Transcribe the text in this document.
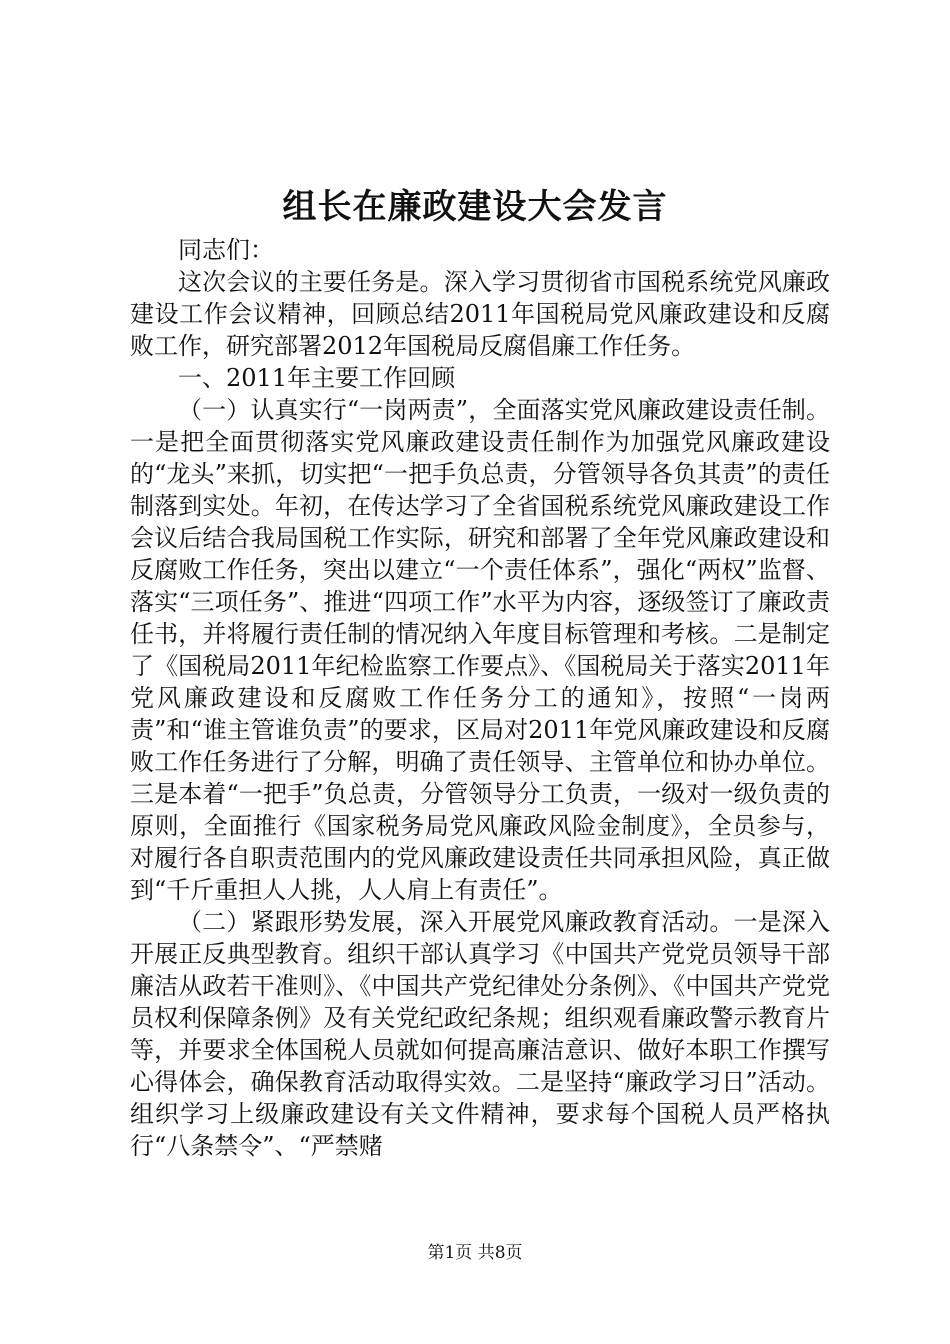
组长在廉政建设大会发言

同志们：

这次会议的主要任务是。深入学习贯彻省市国税系统党风廉政建设工作会议精神，回顾总结2011年国税局党风廉政建设和反腐败工作，研究部署2012年国税局反腐倡廉工作任务。

一、2011年主要工作回顾

（一）认真实行“一岗两责”，全面落实党风廉政建设责任制。一是把全面贯彻落实党风廉政建设责任制作为加强党风廉政建设的“龙头”来抓，切实把“一把手负总责，分管领导各负其责”的责任制落到实处。年初，在传达学习了全省国税系统党风廉政建设工作会议后结合我局国税工作实际，研究和部署了全年党风廉政建设和反腐败工作任务，突出以建立“一个责任体系”，强化“两权”监督、落实“三项任务”、推进“四项工作”水平为内容，逐级签订了廉政责任书，并将履行责任制的情况纳入年度目标管理和考核。二是制定了《国税局2011年纪检监察工作要点》、《国税局关于落实2011年党风廉政建设和反腐败工作任务分工的通知》，按照“一岗两责”和“谁主管谁负责”的要求，区局对2011年党风廉政建设和反腐败工作任务进行了分解，明确了责任领导、主管单位和协办单位。三是本着“一把手”负总责，分管领导分工负责，一级对一级负责的原则，全面推行《国家税务局党风廉政风险金制度》，全员参与，对履行各自职责范围内的党风廉政建设责任共同承担风险，真正做到“千斤重担人人挑，人人肩上有责任”。

（二）紧跟形势发展，深入开展党风廉政教育活动。一是深入开展正反典型教育。组织干部认真学习《中国共产党党员领导干部廉洁从政若干准则》、《中国共产党纪律处分条例》、《中国共产党党员权利保障条例》及有关党纪政纪条规；组织观看廉政警示教育片等，并要求全体国税人员就如何提高廉洁意识、做好本职工作撰写心得体会，确保教育活动取得实效。二是坚持“廉政学习日”活动。组织学习上级廉政建设有关文件精神，要求每个国税人员严格执行“八条禁令”、“严禁赌

第1页 共8页
